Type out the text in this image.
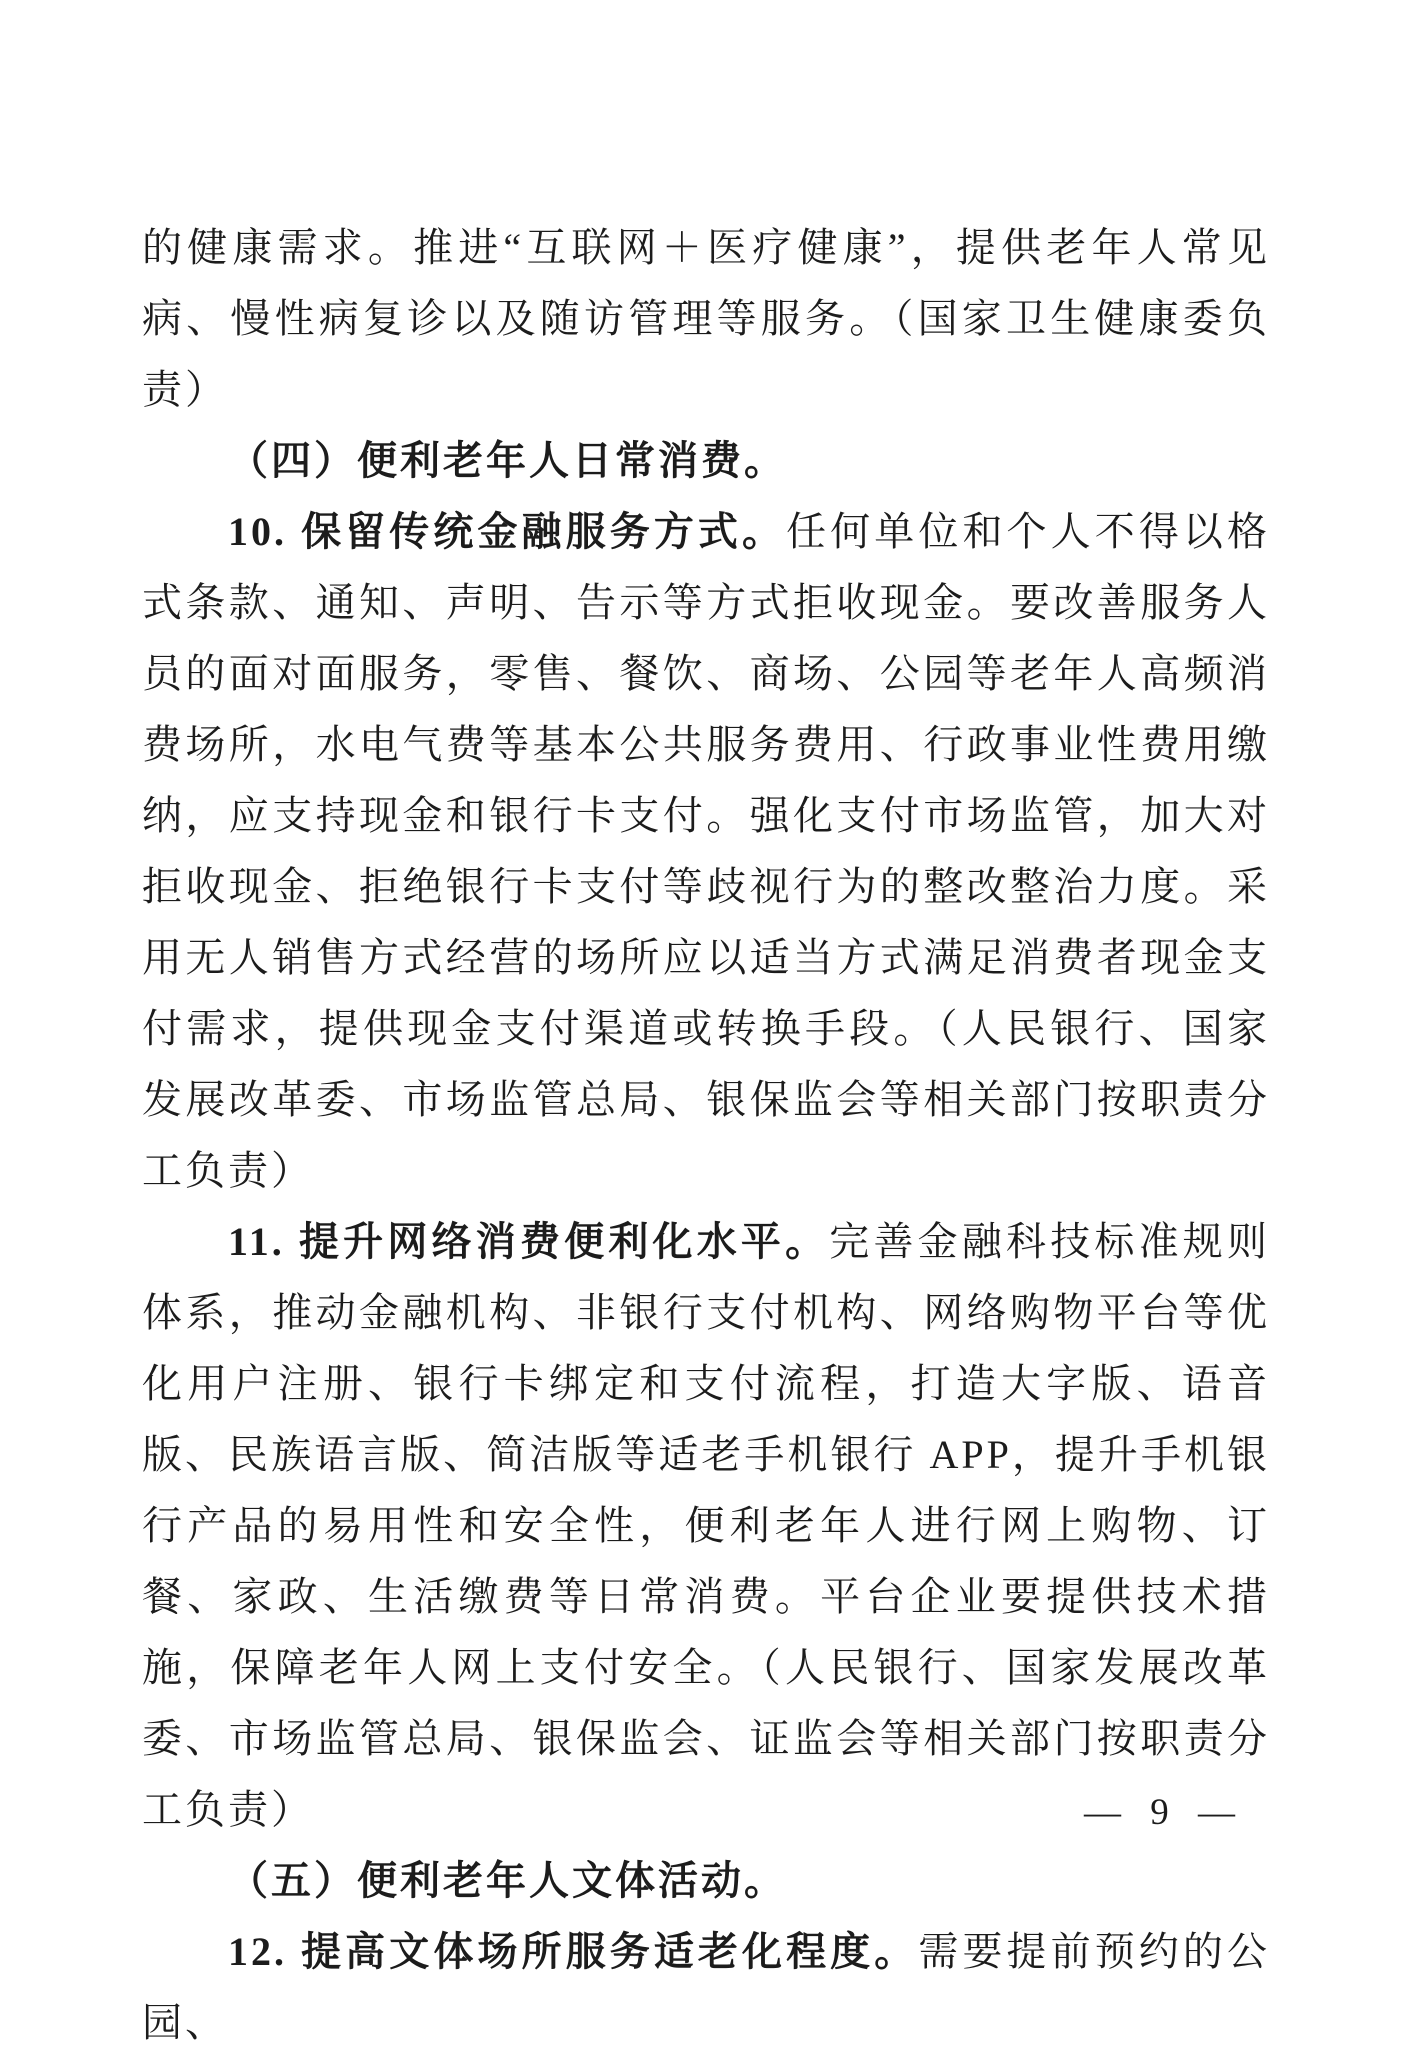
的健康需求。推进“互联网＋医疗健康”，提供老年人常见病、慢性病复诊以及随访管理等服务。（国家卫生健康委负责）

（四）便利老年人日常消费。

10. 保留传统金融服务方式。任何单位和个人不得以格式条款、通知、声明、告示等方式拒收现金。要改善服务人员的面对面服务，零售、餐饮、商场、公园等老年人高频消费场所，水电气费等基本公共服务费用、行政事业性费用缴纳，应支持现金和银行卡支付。强化支付市场监管，加大对拒收现金、拒绝银行卡支付等歧视行为的整改整治力度。采用无人销售方式经营的场所应以适当方式满足消费者现金支付需求，提供现金支付渠道或转换手段。（人民银行、国家发展改革委、市场监管总局、银保监会等相关部门按职责分工负责）

11. 提升网络消费便利化水平。完善金融科技标准规则体系，推动金融机构、非银行支付机构、网络购物平台等优化用户注册、银行卡绑定和支付流程，打造大字版、语音版、民族语言版、简洁版等适老手机银行 APP，提升手机银行产品的易用性和安全性，便利老年人进行网上购物、订餐、家政、生活缴费等日常消费。平台企业要提供技术措施，保障老年人网上支付安全。（人民银行、国家发展改革委、市场监管总局、银保监会、证监会等相关部门按职责分工负责）

（五）便利老年人文体活动。

12. 提高文体场所服务适老化程度。需要提前预约的公园、

— 9 —
